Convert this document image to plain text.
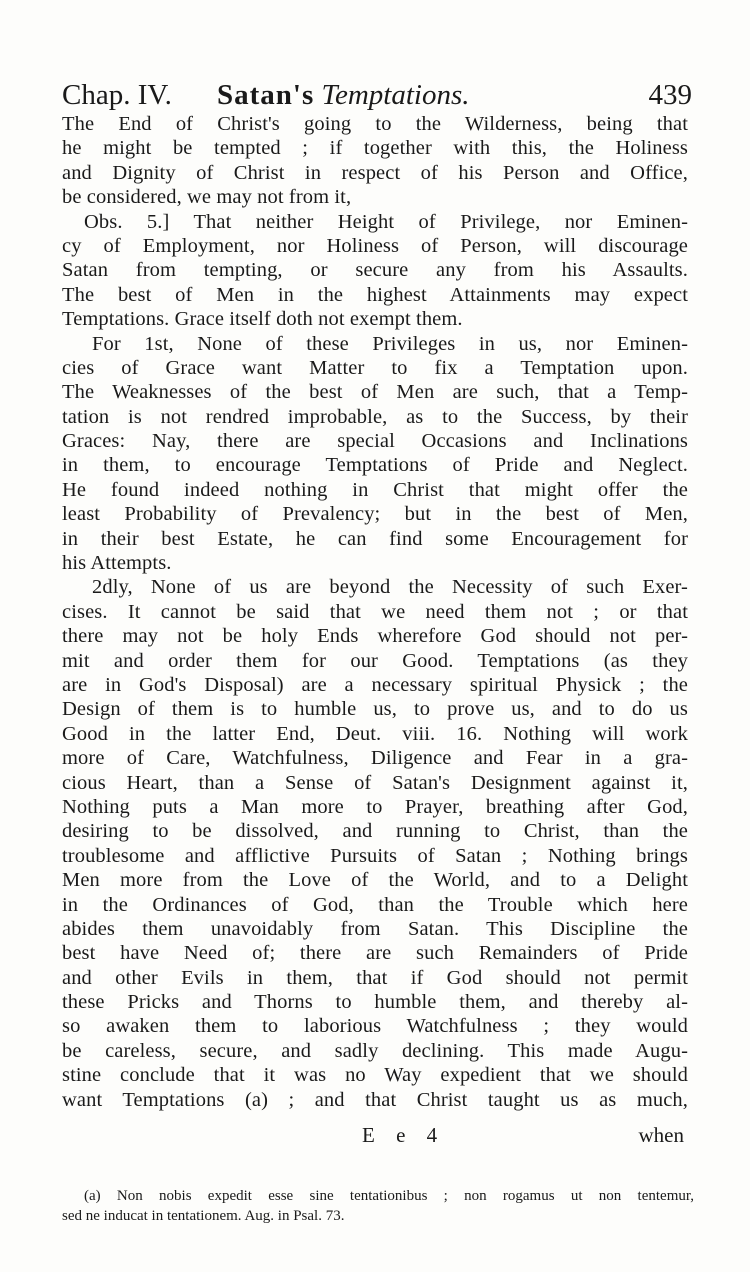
Chap. IV. Satan's Temptations.	439
The End of Christ's going to the Wilderness, being that
he might be tempted ; if together with this, the Holiness
and Dignity of Christ in respect of his Person and Office,
be considered, we may not from it,
Obs. 5.] That neither Height of Privilege, nor Eminen-
cy of Employment, nor Holiness of Person, will discourage
Satan from tempting, or secure any from his Assaults.
The best of Men in the highest Attainments may expect
Temptations. Grace itself doth not exempt them.
For 1st, None of these Privileges in us, nor Eminen-
cies of Grace want Matter to fix a Temptation upon.
The Weaknesses of the best of Men are such, that a Temp-
tation is not rendred improbable, as to the Success, by their
Graces: Nay, there are special Occasions and Inclinations
in them, to encourage Temptations of Pride and Neglect.
He found indeed nothing in Christ that might offer the
least Probability of Prevalency; but in the best of Men,
in their best Estate, he can find some Encouragement for
his Attempts.
2dly, None of us are beyond the Necessity of such Exer-
cises. It cannot be said that we need them not ; or that
there may not be holy Ends wherefore God should not per-
mit and order them for our Good. Temptations (as they
are in God's Disposal) are a necessary spiritual Physick ; the
Design of them is to humble us, to prove us, and to do us
Good in the latter End, Deut. viii. 16. Nothing will work
more of Care, Watchfulness, Diligence and Fear in a gra-
cious Heart, than a Sense of Satan's Designment against it,
Nothing puts a Man more to Prayer, breathing after God,
desiring to be dissolved, and running to Christ, than the
troublesome and afflictive Pursuits of Satan ; Nothing brings
Men more from the Love of the World, and to a Delight
in the Ordinances of God, than the Trouble which here
abides them unavoidably from Satan. This Discipline the
best have Need of; there are such Remainders of Pride
and other Evils in them, that if God should not permit
these Pricks and Thorns to humble them, and thereby al-
so awaken them to laborious Watchfulness ; they would
be careless, secure, and sadly declining. This made Augu-
stine conclude that it was no Way expedient that we should
want Temptations (a) ; and that Christ taught us as much,
E e 4	when
(a) Non nobis expedit esse sine tentationibus ; non rogamus ut non tentemur,
sed ne inducat in tentationem. Aug. in Psal. 73.
